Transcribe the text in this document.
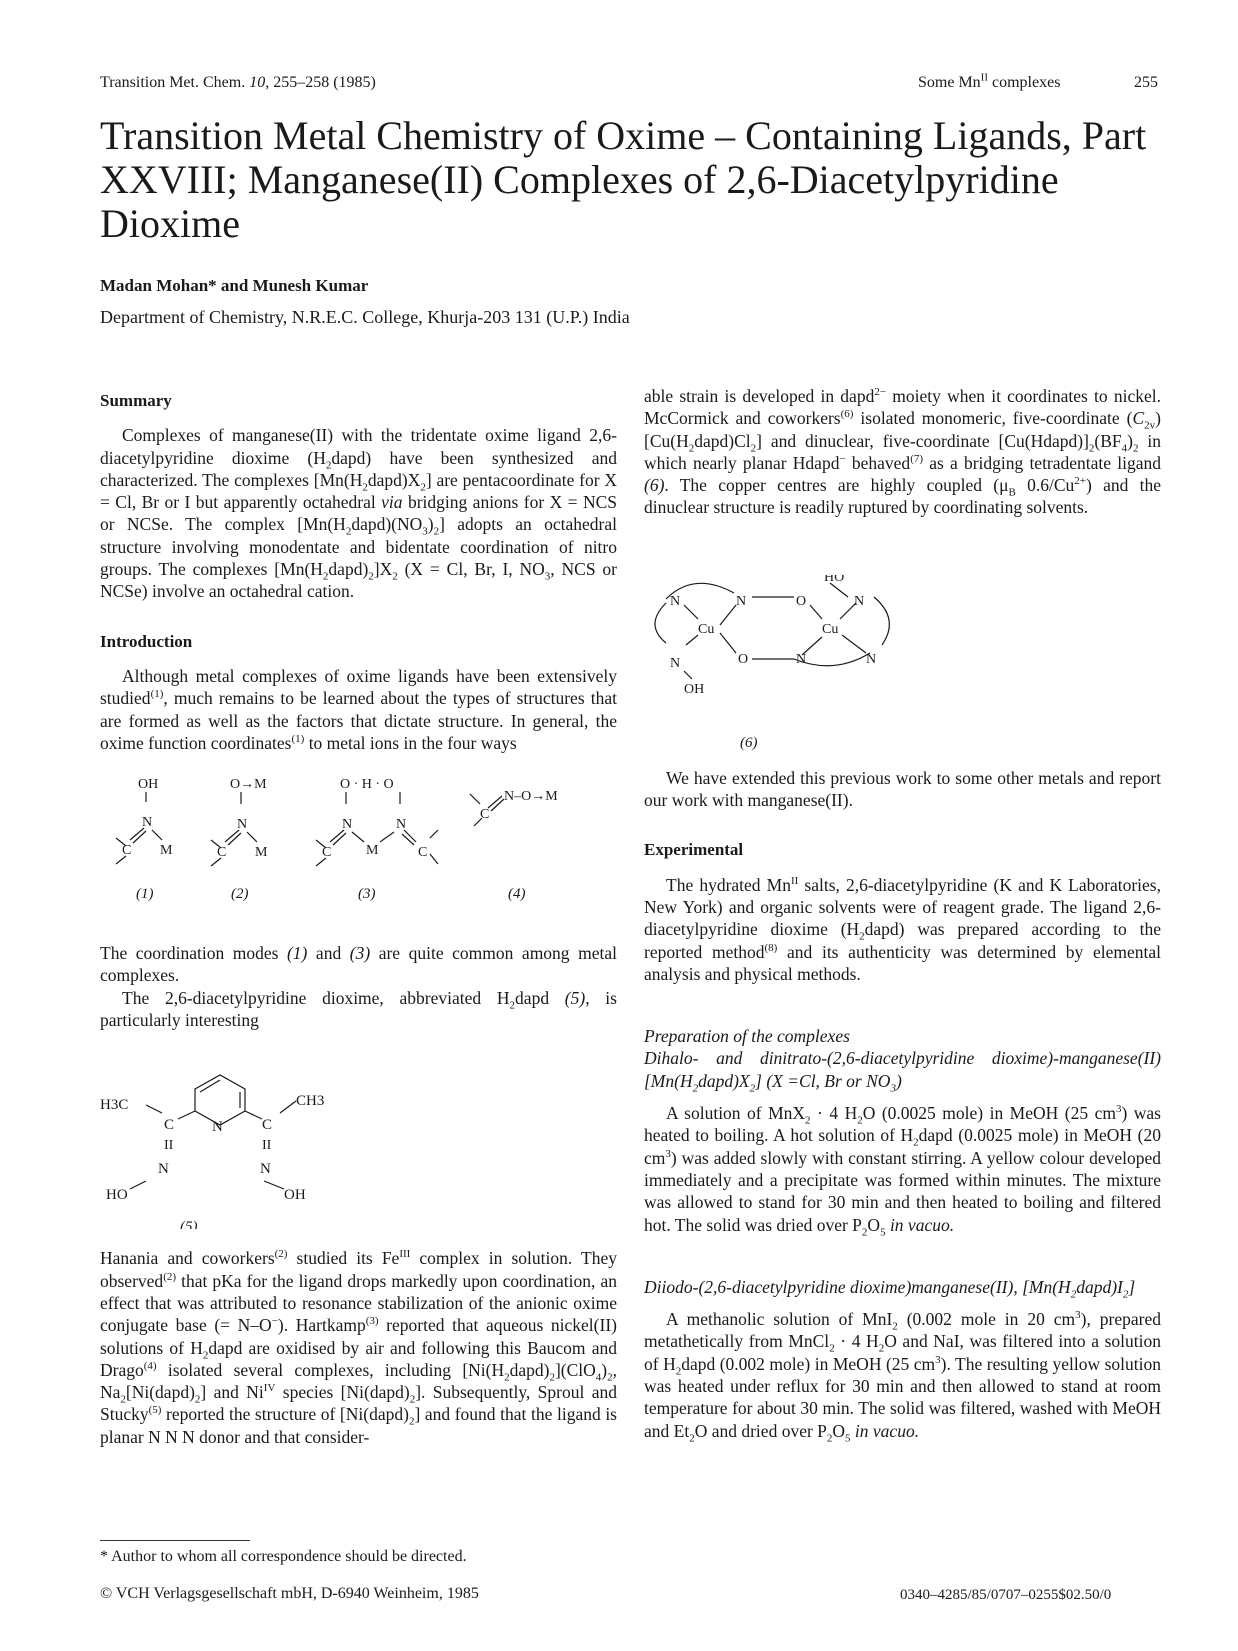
Transition Met. Chem. 10, 255–258 (1985)	Some $Mn^{II}$ complexes	255
Transition Metal Chemistry of Oxime – Containing Ligands, Part XXVIII; Manganese(II) Complexes of 2,6-Diacetylpyridine Dioxime
Madan Mohan* and Munesh Kumar
Department of Chemistry, N.R.E.C. College, Khurja-203 131 (U.P.) India

Summary

Complexes of manganese(II) with the tridentate oxime ligand 2,6-diacetylpyridine dioxime $(H_2dapd)$ have been synthesized and characterized. The complexes $[Mn(H_2dapd)X_2]$ are pentacoordinate for X = Cl, Br or I but apparently octahedral via bridging anions for X = NCS or NCSe. The complex $[Mn(H_2dapd)(NO_3)_2]$ adopts an octahedral structure involving monodentate and bidentate coordination of nitro groups. The complexes $[Mn(H_2dapd)_2]X_2$ (X = Cl, Br, I, $NO_3$, NCS or NCSe) involve an octahedral cation.

Introduction

Although metal complexes of oxime ligands have been extensively studied$^{(1)}$, much remains to be learned about the types of structures that are formed as well as the factors that dictate structure. In general, the oxime function coordinates$^{(1)}$ to metal ions in the four ways

OH
N
C M
O→M
N
C M
O · H · O
N	N
C M	C
N–O→M
C
(1)	(2)	(3)	(4)

The coordination modes (1) and (3) are quite common among metal complexes.

The 2,6-diacetylpyridine dioxime, abbreviated $H_2dapd$ (5), is particularly interesting

H3C
C	N	C
CH3
II	II
N	N
HO	OH
(5)

Hanania and coworkers$^{(2)}$ studied its $Fe^{III}$ complex in solution. They observed$^{(2)}$ that pKa for the ligand drops markedly upon coordination, an effect that was attributed to resonance stabilization of the anionic oxime conjugate base (= N–O−). Hartkamp$^{(3)}$ reported that aqueous nickel(II) solutions of $H_2dapd$ are oxidised by air and following this Baucom and Drago$^{(4)}$ isolated several complexes, including $[Ni(H_2dapd)_2](ClO_4)_2$, $Na_2[Ni(dapd)_2]$ and $Ni^{IV}$ species $[Ni(dapd)_2]$. Subsequently, Sproul and Stucky$^{(5)}$ reported the structure of $[Ni(dapd)_2]$ and found that the ligand is planar N N N donor and that consider-

able strain is developed in dapd$^{2-}$ moiety when it coordinates to nickel. McCormick and coworkers$^{(6)}$ isolated monomeric, five-coordinate $(C_{2v})[Cu(H_2dapd)Cl_2]$ and dinuclear, five-coordinate $[Cu(Hdapd)]_2(BF_4)_2$ in which nearly planar Hdapd− behaved$^{(7)}$ as a bridging tetradentate ligand (6). The copper centres are highly coupled ($\mu_B$ $0.6/Cu^{2+}$) and the dinuclear structure is readily ruptured by coordinating solvents.

HO
N	N	O	N
Cu	Cu
O	N	N
N
OH
(6)

We have extended this previous work to some other metals and report our work with manganese(II).

Experimental

The hydrated $Mn^{II}$ salts, 2,6-diacetylpyridine (K and K Laboratories, New York) and organic solvents were of reagent grade. The ligand 2,6-diacetylpyridine dioxime $(H_2dapd)$ was prepared according to the reported method$^{(8)}$ and its authenticity was determined by elemental analysis and physical methods.

Preparation of the complexes

Dihalo- and dinitrato-(2,6-diacetylpyridine $dioxime)-manganese(II)[Mn(H_2dapd)X_2]$ (X =Cl, Br or $NO_3$)

A solution of MnX$_2$ · 4 $H_2O$ (0.0025 mole) in MeOH (25 $cm^3$) was heated to boiling. A hot solution of $H_2dapd$ (0.0025 mole) in MeOH (20 $cm^3$) was added slowly with constant stirring. A yellow colour developed immediately and a precipitate was formed within minutes. The mixture was allowed to stand for 30 min and then heated to boiling and filtered hot. The solid was dried over $P_2O_5$ in vacuo.

Diiodo-(2,6-diacetylpyridine dioxime)manganese(II), $[Mn(H_2dapd)I_2]$

A methanolic solution of MnI$_2$ (0.002 mole in 20 $cm^3$), prepared metathetically from MnCl$_2$ · 4 $H_2O$ and NaI, was filtered into a solution of $H_2dapd$ (0.002 mole) in MeOH (25 $cm^3$). The resulting yellow solution was heated under reflux for 30 min and then allowed to stand at room temperature for about 30 min. The solid was filtered, washed with MeOH and $Et_2O$ and dried over $P_2O_5$ in vacuo.

* Author to whom all correspondence should be directed.
© VCH Verlagsgesellschaft mbH, D-6940 Weinheim, 1985	0340–4285/85/0707–0255$02.50/0
